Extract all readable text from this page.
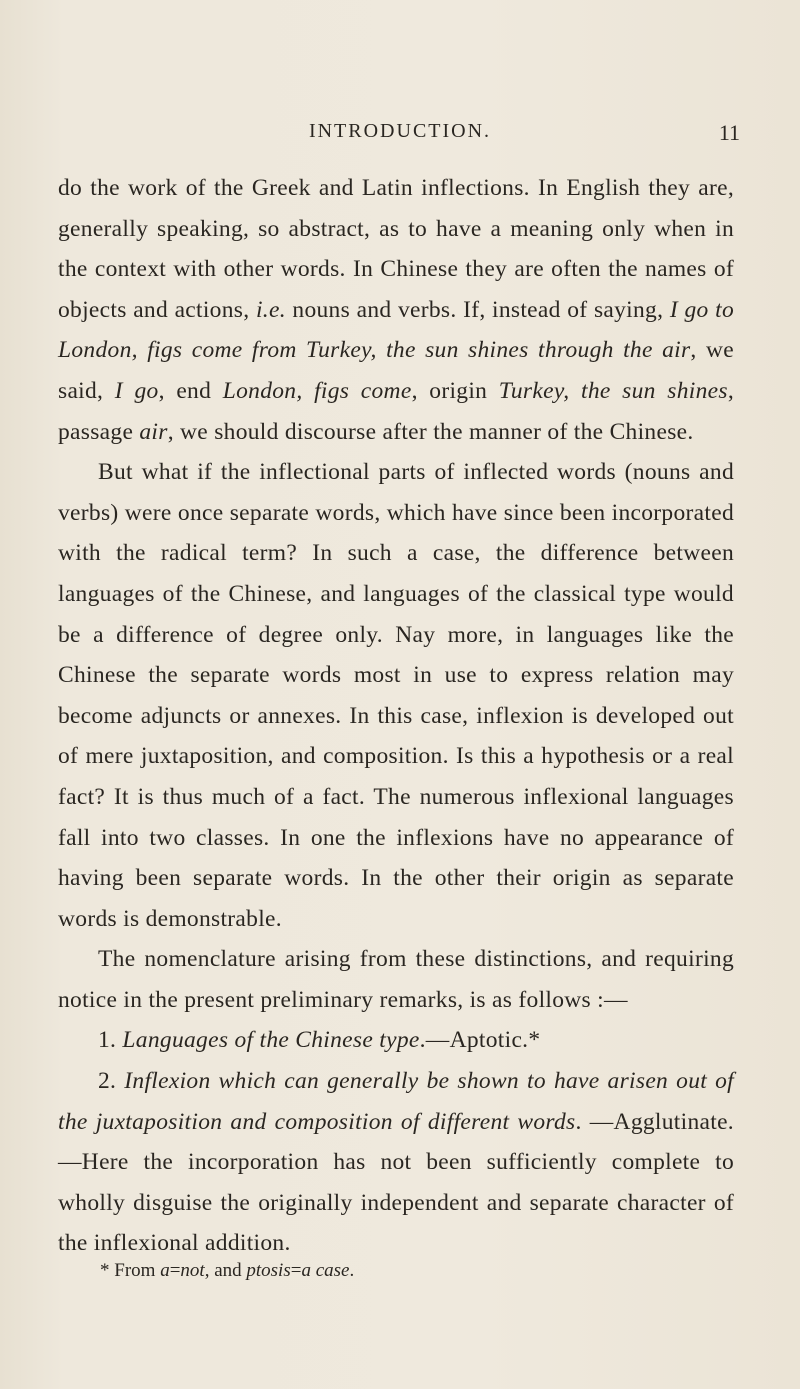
INTRODUCTION.	11

do the work of the Greek and Latin inflections. In English they are, generally speaking, so abstract, as to have a meaning only when in the context with other words. In Chinese they are often the names of objects and actions, i.e. nouns and verbs. If, instead of saying, I go to London, figs come from Turkey, the sun shines through the air, we said, I go, end London, figs come, origin Turkey, the sun shines, passage air, we should discourse after the manner of the Chinese.

But what if the inflectional parts of inflected words (nouns and verbs) were once separate words, which have since been incorporated with the radical term? In such a case, the difference between languages of the Chinese, and languages of the classical type would be a difference of degree only. Nay more, in languages like the Chinese the separate words most in use to express relation may become adjuncts or annexes. In this case, inflexion is developed out of mere juxtaposition, and composition. Is this a hypothesis or a real fact? It is thus much of a fact. The numerous inflexional languages fall into two classes. In one the inflexions have no appearance of having been separate words. In the other their origin as separate words is demonstrable.

The nomenclature arising from these distinctions, and requiring notice in the present preliminary remarks, is as follows :—

1. Languages of the Chinese type.—Aptotic.*

2. Inflexion which can generally be shown to have arisen out of the juxtaposition and composition of different words. —Agglutinate.—Here the incorporation has not been sufficiently complete to wholly disguise the originally independent and separate character of the inflexional addition.

* From a=not, and ptosis=a case.
